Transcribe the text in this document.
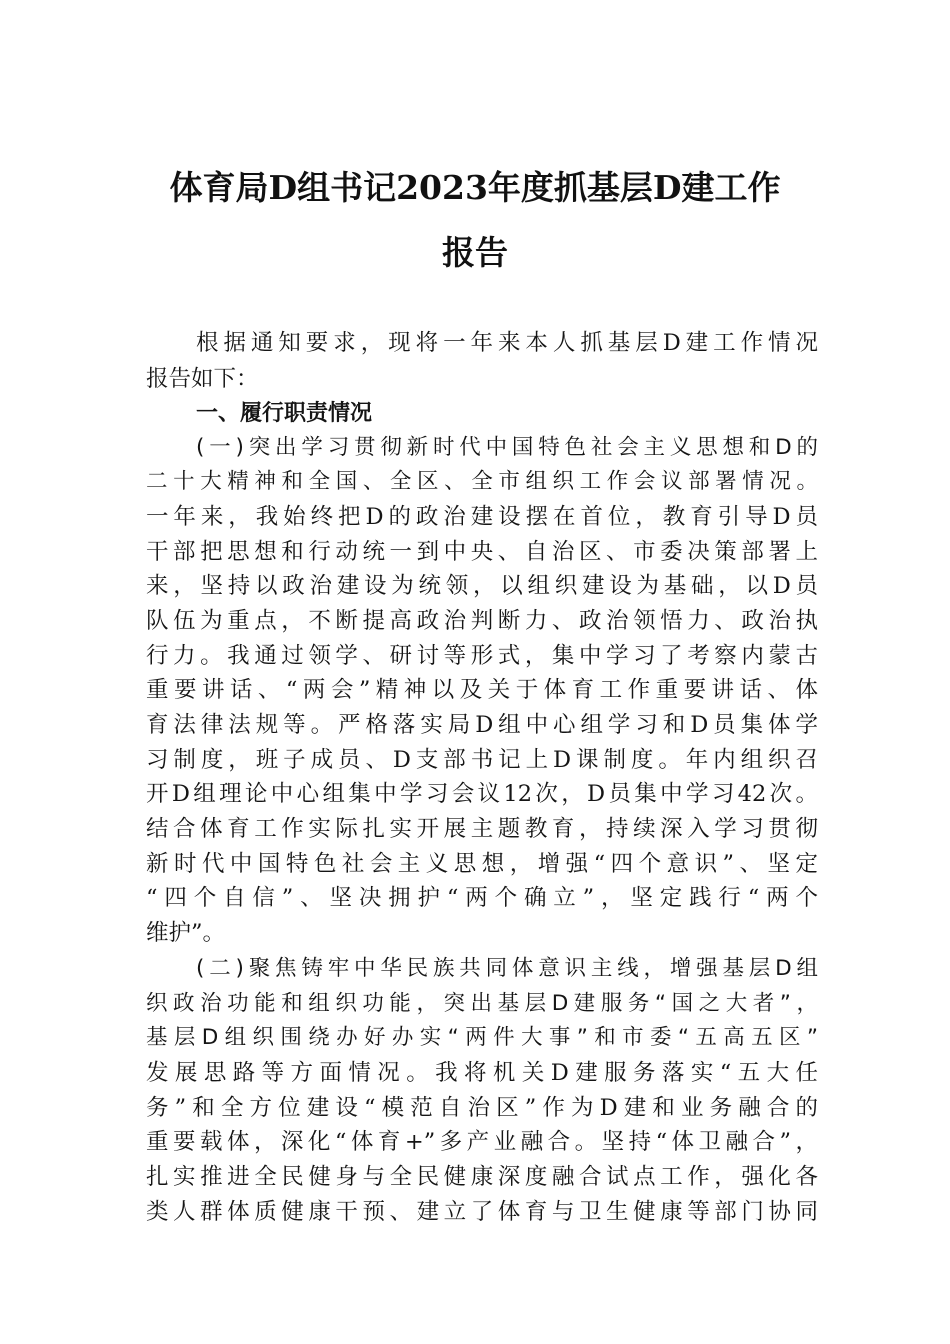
体育局D组书记2023年度抓基层D建工作
报告

根据通知要求，现将一年来本人抓基层D建工作情况

报告如下：

一、履行职责情况

(一)突出学习贯彻新时代中国特色社会主义思想和D的

二十大精神和全国、全区、全市组织工作会议部署情况。

一年来，我始终把D的政治建设摆在首位，教育引导D员

干部把思想和行动统一到中央、自治区、市委决策部署上

来，坚持以政治建设为统领，以组织建设为基础，以D员

队伍为重点，不断提高政治判断力、政治领悟力、政治执

行力。我通过领学、研讨等形式，集中学习了考察内蒙古

重要讲话、“两会”精神以及关于体育工作重要讲话、体

育法律法规等。严格落实局D组中心组学习和D员集体学

习制度，班子成员、D支部书记上D课制度。年内组织召

开D组理论中心组集中学习会议12次，D员集中学习42次。

结合体育工作实际扎实开展主题教育，持续深入学习贯彻

新时代中国特色社会主义思想，增强“四个意识”、坚定

“四个自信”、坚决拥护“两个确立”，坚定践行“两个

维护”。

(二)聚焦铸牢中华民族共同体意识主线，增强基层D组

织政治功能和组织功能，突出基层D建服务“国之大者”，

基层D组织围绕办好办实“两件大事”和市委“五高五区”

发展思路等方面情况。我将机关D建服务落实“五大任

务”和全方位建设“模范自治区”作为D建和业务融合的

重要载体，深化“体育+”多产业融合。坚持“体卫融合”，

扎实推进全民健身与全民健康深度融合试点工作，强化各

类人群体质健康干预、建立了体育与卫生健康等部门协同
